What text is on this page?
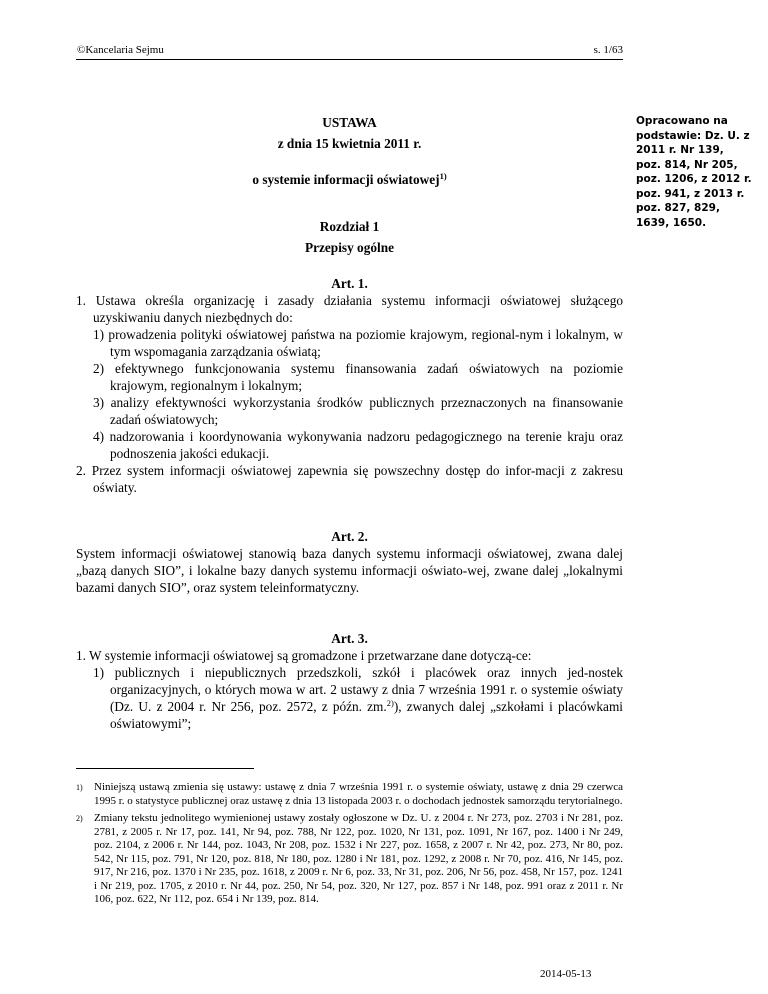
©Kancelaria Sejmu	s. 1/63
Opracowano na podstawie: Dz. U. z 2011 r. Nr 139, poz. 814, Nr 205, poz. 1206, z 2012 r. poz. 941, z 2013 r. poz. 827, 829, 1639, 1650.
USTAWA
z dnia 15 kwietnia 2011 r.
o systemie informacji oświatowej$^{1)}$
Rozdział 1
Przepisy ogólne
Art. 1.
1. Ustawa określa organizację i zasady działania systemu informacji oświatowej służącego uzyskiwaniu danych niezbędnych do:
1) prowadzenia polityki oświatowej państwa na poziomie krajowym, regional-nym i lokalnym, w tym wspomagania zarządzania oświatą;
2) efektywnego funkcjonowania systemu finansowania zadań oświatowych na poziomie krajowym, regionalnym i lokalnym;
3) analizy efektywności wykorzystania środków publicznych przeznaczonych na finansowanie zadań oświatowych;
4) nadzorowania i koordynowania wykonywania nadzoru pedagogicznego na terenie kraju oraz podnoszenia jakości edukacji.
2. Przez system informacji oświatowej zapewnia się powszechny dostęp do infor-macji z zakresu oświaty.
Art. 2.
System informacji oświatowej stanowią baza danych systemu informacji oświatowej, zwana dalej „bazą danych SIO”, i lokalne bazy danych systemu informacji oświato-wej, zwane dalej „lokalnymi bazami danych SIO”, oraz system teleinformatyczny.
Art. 3.
1. W systemie informacji oświatowej są gromadzone i przetwarzane dane dotyczą-ce:
1) publicznych i niepublicznych przedszkoli, szkół i placówek oraz innych jed-nostek organizacyjnych, o których mowa w art. 2 ustawy z dnia 7 września 1991 r. o systemie oświaty (Dz. U. z 2004 r. Nr 256, poz. 2572, z późn. zm.$^{2)}$), zwanych dalej „szkołami i placówkami oświatowymi”;
1) Niniejszą ustawą zmienia się ustawy: ustawę z dnia 7 września 1991 r. o systemie oświaty, ustawę z dnia 29 czerwca 1995 r. o statystyce publicznej oraz ustawę z dnia 13 listopada 2003 r. o dochodach jednostek samorządu terytorialnego.
2) Zmiany tekstu jednolitego wymienionej ustawy zostały ogłoszone w Dz. U. z 2004 r. Nr 273, poz. 2703 i Nr 281, poz. 2781, z 2005 r. Nr 17, poz. 141, Nr 94, poz. 788, Nr 122, poz. 1020, Nr 131, poz. 1091, Nr 167, poz. 1400 i Nr 249, poz. 2104, z 2006 r. Nr 144, poz. 1043, Nr 208, poz. 1532 i Nr 227, poz. 1658, z 2007 r. Nr 42, poz. 273, Nr 80, poz. 542, Nr 115, poz. 791, Nr 120, poz. 818, Nr 180, poz. 1280 i Nr 181, poz. 1292, z 2008 r. Nr 70, poz. 416, Nr 145, poz. 917, Nr 216, poz. 1370 i Nr 235, poz. 1618, z 2009 r. Nr 6, poz. 33, Nr 31, poz. 206, Nr 56, poz. 458, Nr 157, poz. 1241 i Nr 219, poz. 1705, z 2010 r. Nr 44, poz. 250, Nr 54, poz. 320, Nr 127, poz. 857 i Nr 148, poz. 991 oraz z 2011 r. Nr 106, poz. 622, Nr 112, poz. 654 i Nr 139, poz. 814.
2014-05-13
